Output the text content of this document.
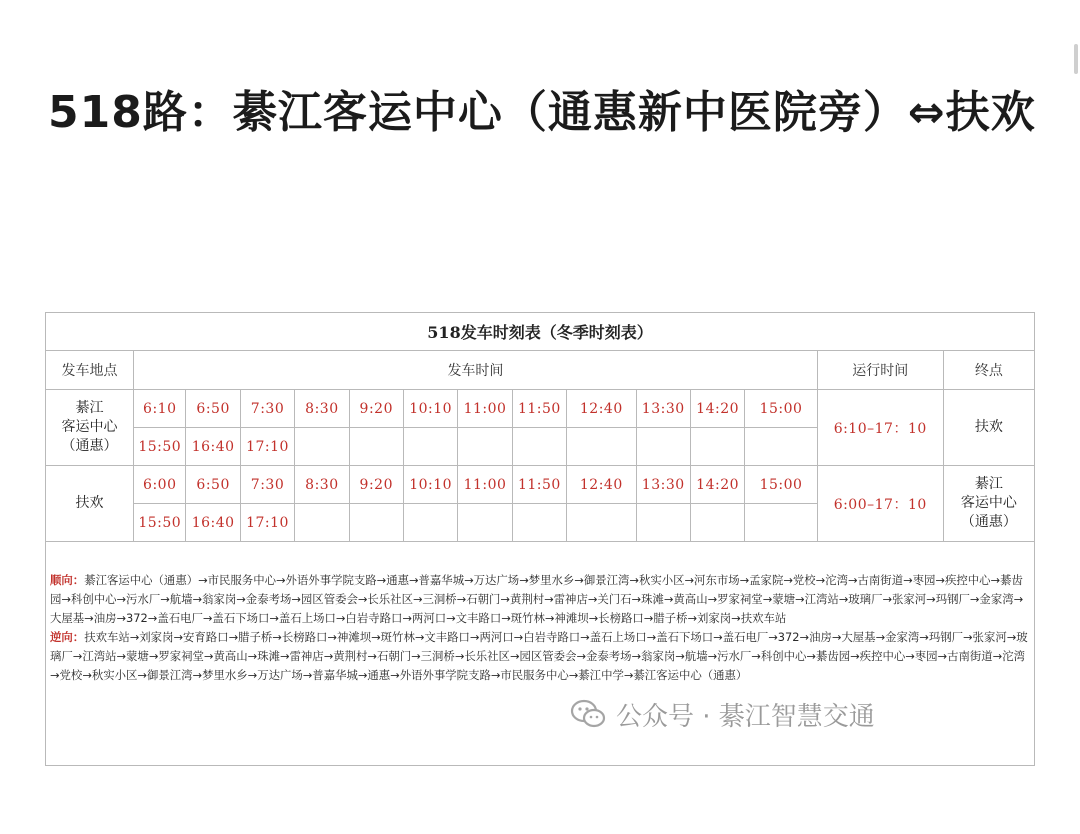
518路：綦江客运中心（通惠新中医院旁）⇔扶欢
518发车时刻表（冬季时刻表）														
发车地点	发车时间												运行时间	终点
綦江
客运中心
（通惠）	6:10	6:50	7:30	8:30	9:20	10:10	11:00	11:50	12:40	13:30	14:20	15:00	6:10–17：10	扶欢
	15:50	16:40	17:10											
扶欢	6:00	6:50	7:30	8:30	9:20	10:10	11:00	11:50	12:40	13:30	14:20	15:00	6:00–17：10	綦江
客运中心
（通惠）
	15:50	16:40	17:10											

顺向：綦江客运中心（通惠）→市民服务中心→外语外事学院支路→通惠→普嘉华城→万达广场→梦里水乡→御景江湾→秋实小区→河东市场→孟家院→党校→沱湾→古南街道→枣园→疾控中心→綦齿园→科创中心→污水厂→航墙→翁家岗→金泰考场→园区管委会→长乐社区→三洞桥→石朝门→黄荆村→雷神店→关门石→珠滩→黄高山→罗家祠堂→蒙塘→江湾站→玻璃厂→张家河→玛钢厂→金家湾→大屋基→油房→372→盖石电厂→盖石下场口→盖石上场口→白岩寺路口→两河口→文丰路口→斑竹林→神滩坝→长榜路口→腊子桥→刘家岗→扶欢车站

逆向：扶欢车站→刘家岗→安育路口→腊子桥→长榜路口→神滩坝→斑竹林→文丰路口→两河口→白岩寺路口→盖石上场口→盖石下场口→盖石电厂→372→油房→大屋基→金家湾→玛钢厂→张家河→玻璃厂→江湾站→蒙塘→罗家祠堂→黄高山→珠滩→雷神店→黄荆村→石朝门→三洞桥→长乐社区→园区管委会→金泰考场→翁家岗→航墙→污水厂→科创中心→綦齿园→疾控中心→枣园→古南街道→沱湾→党校→秋实小区→御景江湾→梦里水乡→万达广场→普嘉华城→通惠→外语外事学院支路→市民服务中心→綦江中学→綦江客运中心（通惠）

公众号 · 綦江智慧交通
